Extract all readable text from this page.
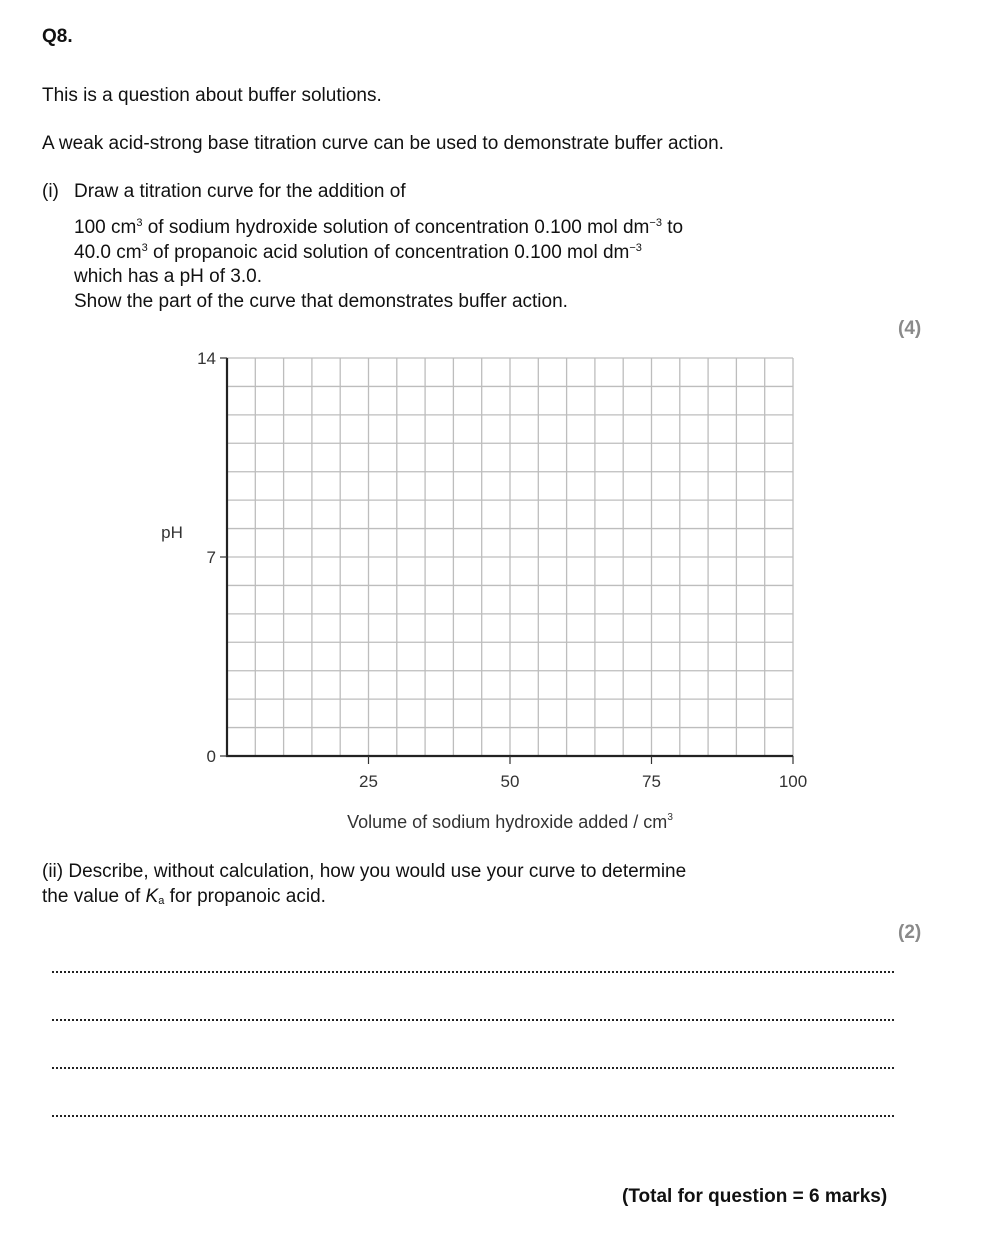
Q8.
This is a question about buffer solutions.
A weak acid-strong base titration curve can be used to demonstrate buffer action.
(i) Draw a titration curve for the addition of
100 $cm^3$ of sodium hydroxide solution of concentration 0.100 mol $dm^{-3}$ to
40.0 $cm^3$ of propanoic acid solution of concentration 0.100 mol $dm^{-3}$
which has a pH of 3.0.
Show the part of the curve that demonstrates buffer action.
(4)
0
7
14
25	50	75	100
pH
Volume of sodium hydroxide added / $cm^3$
(ii) Describe, without calculation, how you would use your curve to determine
the value of $K_a$ for propanoic acid.
(2)
(Total for question = 6 marks)
